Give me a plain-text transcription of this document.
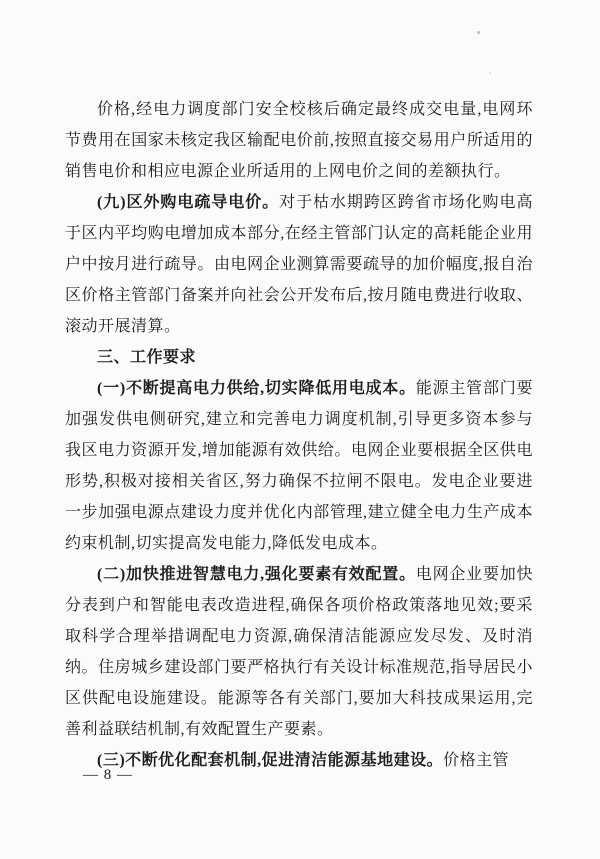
价格,经电力调度部门安全校核后确定最终成交电量,电网环节费用在国家未核定我区输配电价前,按照直接交易用户所适用的销售电价和相应电源企业所适用的上网电价之间的差额执行。

(九)区外购电疏导电价。对于枯水期跨区跨省市场化购电高于区内平均购电增加成本部分,在经主管部门认定的高耗能企业用户中按月进行疏导。由电网企业测算需要疏导的加价幅度,报自治区价格主管部门备案并向社会公开发布后,按月随电费进行收取、滚动开展清算。

三、工作要求

(一)不断提高电力供给,切实降低用电成本。能源主管部门要加强发供电侧研究,建立和完善电力调度机制,引导更多资本参与我区电力资源开发,增加能源有效供给。电网企业要根据全区供电形势,积极对接相关省区,努力确保不拉闸不限电。发电企业要进一步加强电源点建设力度并优化内部管理,建立健全电力生产成本约束机制,切实提高发电能力,降低发电成本。

(二)加快推进智慧电力,强化要素有效配置。电网企业要加快分表到户和智能电表改造进程,确保各项价格政策落地见效;要采取科学合理举措调配电力资源,确保清洁能源应发尽发、及时消纳。住房城乡建设部门要严格执行有关设计标准规范,指导居民小区供配电设施建设。能源等各有关部门,要加大科技成果运用,完善利益联结机制,有效配置生产要素。

(三)不断优化配套机制,促进清洁能源基地建设。价格主管

— 8 —
